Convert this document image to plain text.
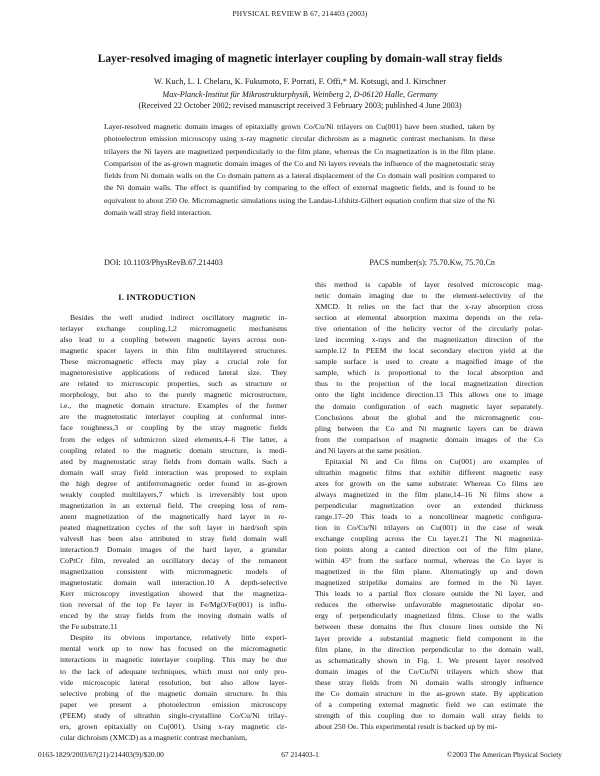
PHYSICAL REVIEW B 67, 214403 (2003)
Layer-resolved imaging of magnetic interlayer coupling by domain-wall stray fields
W. Kuch, L. I. Chelaru, K. Fukumoto, F. Porrati, F. Offi,* M. Kotsugi, and J. Kirschner
Max-Planck-Institut für Mikrostrukturphysik, Weinberg 2, D-06120 Halle, Germany
(Received 22 October 2002; revised manuscript received 3 February 2003; published 4 June 2003)
Layer-resolved magnetic domain images of epitaxially grown Co/Cu/Ni trilayers on Cu(001) have been studied, taken by photoelectron emission microscopy using x-ray magnetic circular dichroism as a magnetic contrast mechanism. In these trilayers the Ni layers are magnetized perpendicularly to the film plane, whereas the Co magnetization is in the film plane. Comparison of the as-grown magnetic domain images of the Co and Ni layers reveals the influence of the magnetostatic stray fields from Ni domain walls on the Co domain pattern as a lateral displacement of the Co domain wall position compared to the Ni domain walls. The effect is quantified by comparing to the effect of external magnetic fields, and is found to be equivalent to about 250 Oe. Micromagnetic simulations using the Landau-Lifshitz-Gilbert equation confirm that size of the Ni domain wall stray field interaction.
DOI: 10.1103/PhysRevB.67.214403	PACS number(s): 75.70.Kw, 75.70.Cn
I. INTRODUCTION
Besides the well studied indirect oscillatory magnetic in-
terlayer exchange coupling,1,2 micromagnetic mechanisms
also lead to a coupling between magnetic layers across non-
magnetic spacer layers in thin film multilayered structures.
These micromagnetic effects may play a crucial role for
magnetoresistive applications of reduced lateral size. They
are related to microscopic properties, such as structure or
morphology, but also to the purely magnetic microstructure,
i.e., the magnetic domain structure. Examples of the former
are the magnetostatic interlayer coupling at conformal inter-
face roughness,3 or coupling by the stray magnetic fields
from the edges of submicron sized elements.4–6 The latter, a
coupling related to the magnetic domain structure, is medi-
ated by magnetostatic stray fields from domain walls. Such a
domain wall stray field interaction was proposed to explain
the high degree of antiferromagnetic order found in as-grown
weakly coupled multilayers,7 which is irreversibly lost upon
magnetization in an external field. The creeping loss of rem-
anent magnetization of the magnetically hard layer in re-
peated magnetization cycles of the soft layer in hard/soft spin
valves8 has been also attributed to stray field domain wall
interaction.9 Domain images of the hard layer, a granular
CoPtCr film, revealed an oscillatory decay of the remanent
magnetization consistent with micromagnetic models of
magnetostatic domain wall interaction.10 A depth-selective
Kerr microscopy investigation showed that the magnetiza-
tion reversal of the top Fe layer in Fe/MgO/Fe(001) is influ-
enced by the stray fields from the moving domain walls of
the Fe substrate.11
Despite its obvious importance, relatively little experi-
mental work up to now has focused on the micromagnetic
interactions in magnetic interlayer coupling. This may be due
to the lack of adequate techniques, which must not only pro-
vide microscopic lateral resolution, but also allow layer-
selective probing of the magnetic domain structure. In this
paper we present a photoelectron emission microscopy
(PEEM) study of ultrathin single-crystalline Co/Cu/Ni trilay-
ers, grown epitaxially on Cu(001). Using x-ray magnetic cir-
cular dichroism (XMCD) as a magnetic contrast mechanism,
this method is capable of layer resolved microscopic mag-
netic domain imaging due to the element-selectivity of the
XMCD. It relies on the fact that the x-ray absorption cross
section at elemental absorption maxima depends on the rela-
tive orientation of the helicity vector of the circularly polar-
ized incoming x-rays and the magnetization direction of the
sample.12 In PEEM the local secondary electron yield at the
sample surface is used to create a magnified image of the
sample, which is proportional to the local absorption and
thus to the projection of the local magnetization direction
onto the light incidence direction.13 This allows one to image
the domain configuration of each magnetic layer separately.
Conclusions about the global and the micromagnetic cou-
pling between the Co and Ni magnetic layers can be drawn
from the comparison of magnetic domain images of the Co
and Ni layers at the same position.
Epitaxial Ni and Co films on Cu(001) are examples of
ultrathin magnetic films that exhibit different magnetic easy
axes for growth on the same substrate: Whereas Co films are
always magnetized in the film plane,14–16 Ni films show a
perpendicular magnetization over an extended thickness
range.17–20 This leads to a noncollinear magnetic configura-
tion in Co/Cu/Ni trilayers on Cu(001) in the case of weak
exchange coupling across the Cu layer.21 The Ni magnetiza-
tion points along a canted direction out of the film plane,
within 45° from the surface normal, whereas the Co layer is
magnetized in the film plane. Alternatingly up and down
magnetized stripelike domains are formed in the Ni layer.
This leads to a partial flux closure outside the Ni layer, and
reduces the otherwise unfavorable magnetostatic dipolar en-
ergy of perpendicularly magnetized films. Close to the walls
between these domains the flux closure lines outside the Ni
layer provide a substantial magnetic field component in the
film plane, in the direction perpendicular to the domain wall,
as schematically shown in Fig. 1. We present layer resolved
domain images of the Co/Cu/Ni trilayers which show that
these stray fields from Ni domain walls strongly influence
the Co domain structure in the as-grown state. By application
of a competing external magnetic field we can estimate the
strength of this coupling due to domain wall stray fields to
about 250 Oe. This experimental result is backed up by mi-
0163-1829/2003/67(21)/214403(9)/$20.00	67 214403-1	©2003 The American Physical Society
